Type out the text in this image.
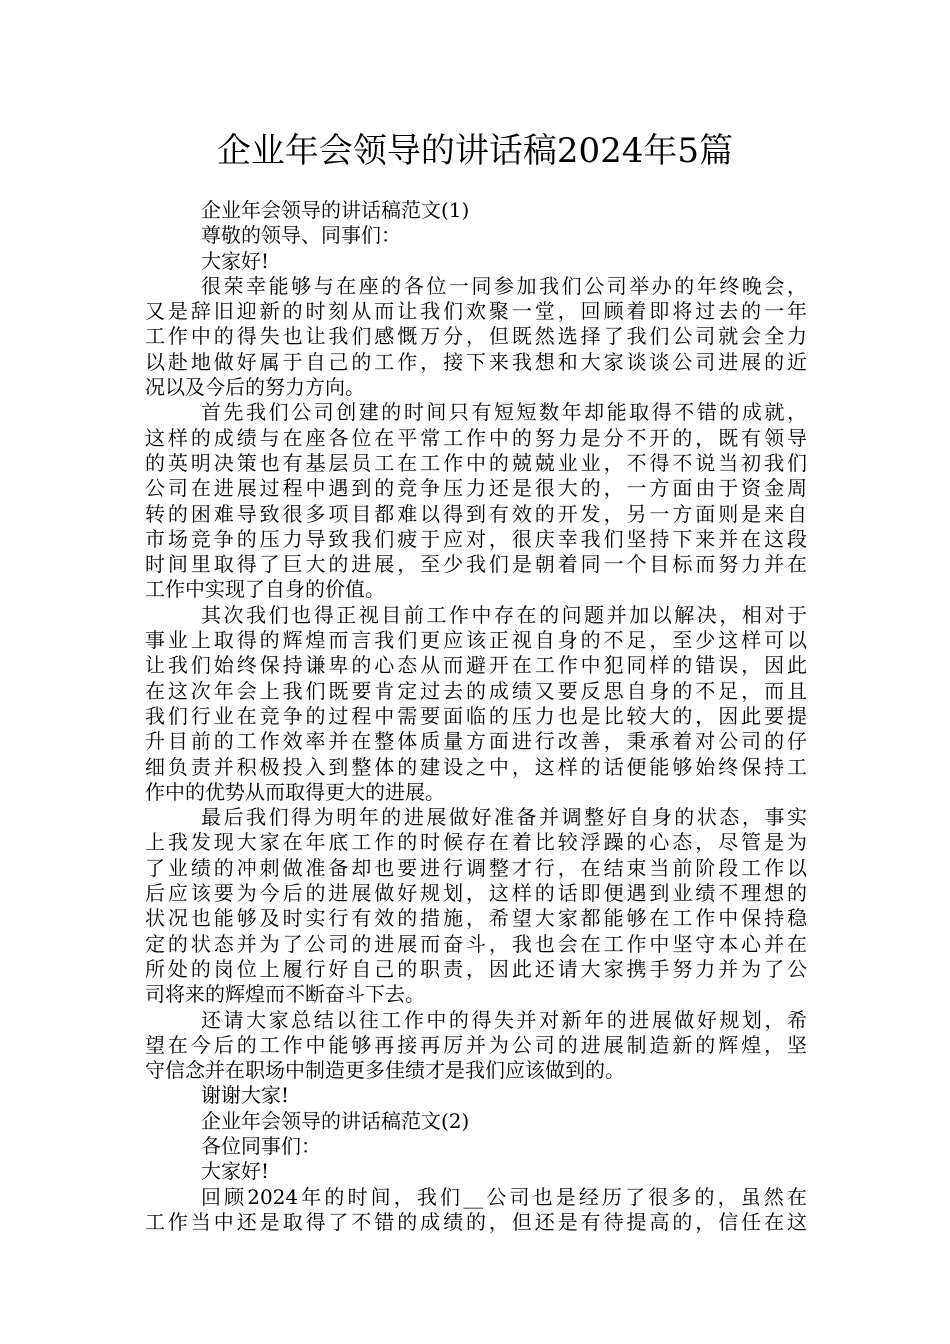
企业年会领导的讲话稿2024年5篇
企业年会领导的讲话稿范文(1)
尊敬的领导、同事们：
大家好!
很荣幸能够与在座的各位一同参加我们公司举办的年终晚会，
又是辞旧迎新的时刻从而让我们欢聚一堂，回顾着即将过去的一年
工作中的得失也让我们感慨万分，但既然选择了我们公司就会全力
以赴地做好属于自己的工作，接下来我想和大家谈谈公司进展的近
况以及今后的努力方向。
首先我们公司创建的时间只有短短数年却能取得不错的成就，
这样的成绩与在座各位在平常工作中的努力是分不开的，既有领导
的英明决策也有基层员工在工作中的兢兢业业，不得不说当初我们
公司在进展过程中遇到的竞争压力还是很大的，一方面由于资金周
转的困难导致很多项目都难以得到有效的开发，另一方面则是来自
市场竞争的压力导致我们疲于应对，很庆幸我们坚持下来并在这段
时间里取得了巨大的进展，至少我们是朝着同一个目标而努力并在
工作中实现了自身的价值。
其次我们也得正视目前工作中存在的问题并加以解决，相对于
事业上取得的辉煌而言我们更应该正视自身的不足，至少这样可以
让我们始终保持谦卑的心态从而避开在工作中犯同样的错误，因此
在这次年会上我们既要肯定过去的成绩又要反思自身的不足，而且
我们行业在竞争的过程中需要面临的压力也是比较大的，因此要提
升目前的工作效率并在整体质量方面进行改善，秉承着对公司的仔
细负责并积极投入到整体的建设之中，这样的话便能够始终保持工
作中的优势从而取得更大的进展。
最后我们得为明年的进展做好准备并调整好自身的状态，事实
上我发现大家在年底工作的时候存在着比较浮躁的心态，尽管是为
了业绩的冲刺做准备却也要进行调整才行，在结束当前阶段工作以
后应该要为今后的进展做好规划，这样的话即便遇到业绩不理想的
状况也能够及时实行有效的措施，希望大家都能够在工作中保持稳
定的状态并为了公司的进展而奋斗，我也会在工作中坚守本心并在
所处的岗位上履行好自己的职责，因此还请大家携手努力并为了公
司将来的辉煌而不断奋斗下去。
还请大家总结以往工作中的得失并对新年的进展做好规划，希
望在今后的工作中能够再接再厉并为公司的进展制造新的辉煌，坚
守信念并在职场中制造更多佳绩才是我们应该做到的。
谢谢大家!
企业年会领导的讲话稿范文(2)
各位同事们：
大家好!
回顾2024年的时间，我们__公司也是经历了很多的，虽然在
工作当中还是取得了不错的成绩的，但还是有待提高的，信任在这
